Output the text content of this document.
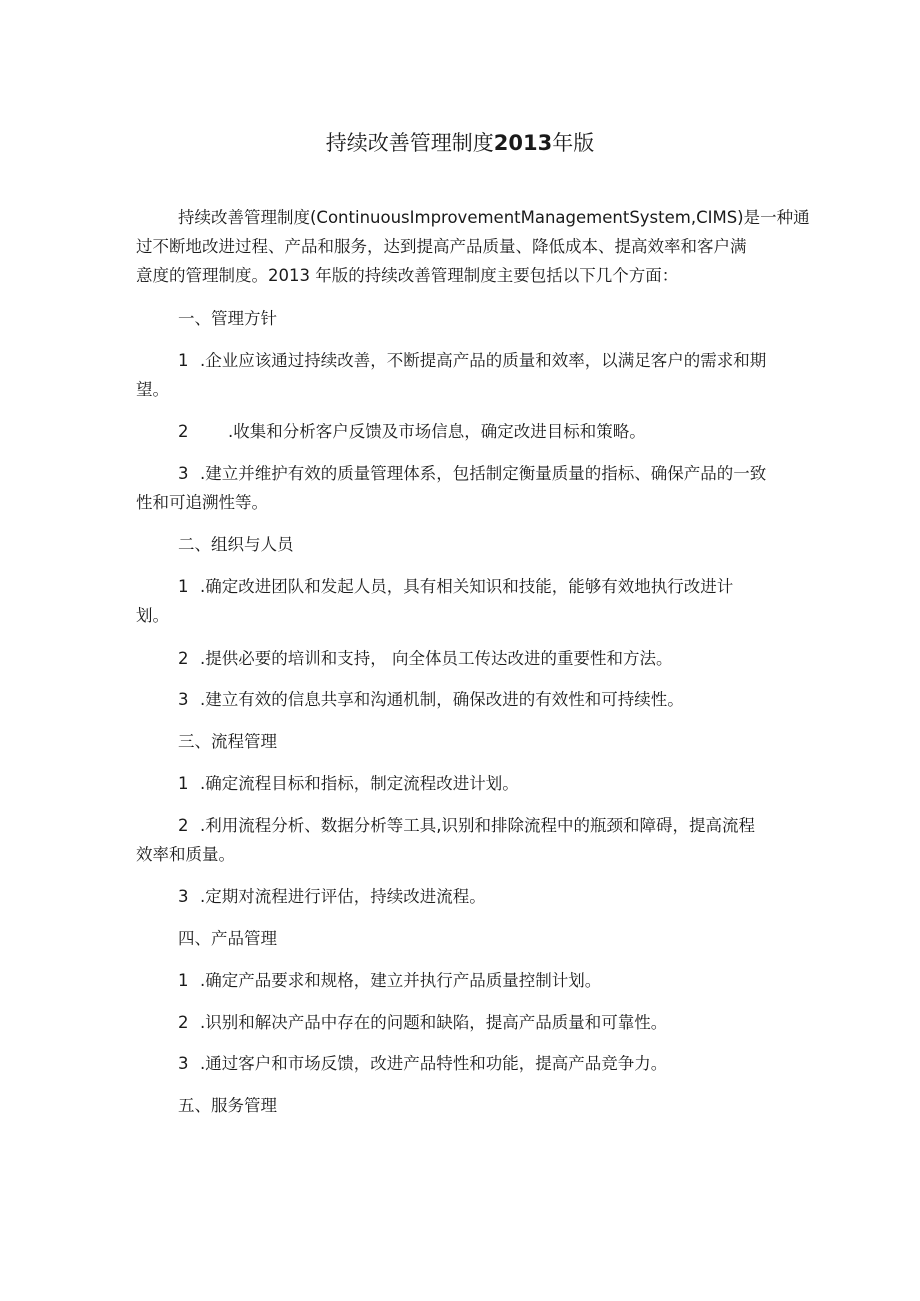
持续改善管理制度2013年版

持续改善管理制度(ContinuousImprovementManagementSystem,CIMS)是一种通

过不断地改进过程、产品和服务，达到提高产品质量、降低成本、提高效率和客户满

意度的管理制度。2013 年版的持续改善管理制度主要包括以下几个方面：

一、管理方针

1 .企业应该通过持续改善，不断提高产品的质量和效率，以满足客户的需求和期

望。

2 .收集和分析客户反馈及市场信息，确定改进目标和策略。

3 .建立并维护有效的质量管理体系，包括制定衡量质量的指标、确保产品的一致

性和可追溯性等。

二、组织与人员

1 .确定改进团队和发起人员，具有相关知识和技能，能够有效地执行改进计

划。

2 .提供必要的培训和支持， 向全体员工传达改进的重要性和方法。

3 .建立有效的信息共享和沟通机制，确保改进的有效性和可持续性。

三、流程管理

1 .确定流程目标和指标，制定流程改进计划。

2 .利用流程分析、数据分析等工具,识别和排除流程中的瓶颈和障碍，提高流程

效率和质量。

3 .定期对流程进行评估，持续改进流程。

四、产品管理

1 .确定产品要求和规格，建立并执行产品质量控制计划。

2 .识别和解决产品中存在的问题和缺陷，提高产品质量和可靠性。

3 .通过客户和市场反馈，改进产品特性和功能，提高产品竞争力。

五、服务管理
